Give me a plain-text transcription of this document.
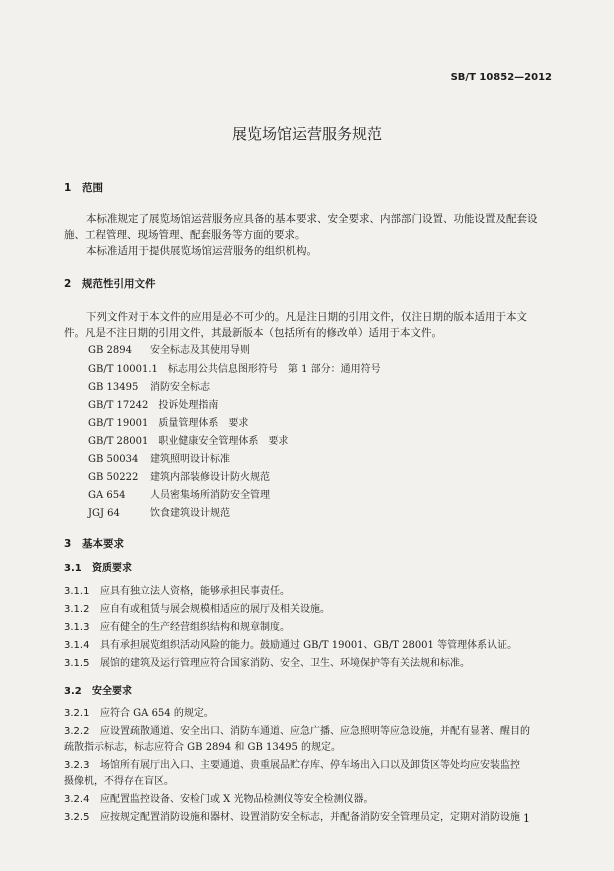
SB/T 10852—2012
展览场馆运营服务规范
1 范围
本标准规定了展览场馆运营服务应具备的基本要求、安全要求、内部部门设置、功能设置及配套设
施、工程管理、现场管理、配套服务等方面的要求。
本标准适用于提供展览场馆运营服务的组织机构。
2 规范性引用文件
下列文件对于本文件的应用是必不可少的。凡是注日期的引用文件，仅注日期的版本适用于本文
件。凡是不注日期的引用文件，其最新版本（包括所有的修改单）适用于本文件。
GB 2894　 安全标志及其使用导则
GB/T 10001.1　 标志用公共信息图形符号　第 1 部分：通用符号
GB 13495　 消防安全标志
GB/T 17242　 投诉处理指南
GB/T 19001　 质量管理体系　要求
GB/T 28001　 职业健康安全管理体系　要求
GB 50034　 建筑照明设计标准
GB 50222　 建筑内部装修设计防火规范
GA 654　 人员密集场所消防安全管理
JGJ 64　	饮食建筑设计规范
3 基本要求
3.1 资质要求
3.1.1 应具有独立法人资格，能够承担民事责任。
3.1.2 应自有或租赁与展会规模相适应的展厅及相关设施。
3.1.3 应有健全的生产经营组织结构和规章制度。
3.1.4 具有承担展览组织活动风险的能力。鼓励通过 GB/T 19001、GB/T 28001 等管理体系认证。
3.1.5 展馆的建筑及运行管理应符合国家消防、安全、卫生、环境保护等有关法规和标准。
3.2 安全要求
3.2.1 应符合 GA 654 的规定。
3.2.2 应设置疏散通道、安全出口、消防车通道、应急广播、应急照明等应急设施，并配有显著、醒目的
疏散指示标志，标志应符合 GB 2894 和 GB 13495 的规定。
3.2.3 场馆所有展厅出入口、主要通道、贵重展品贮存库、停车场出入口以及卸货区等处均应安装监控
摄像机，不得存在盲区。
3.2.4 应配置监控设备、安检门或 X 光物品检测仪等安全检测仪器。
3.2.5 应按规定配置消防设施和器材、设置消防安全标志，并配备消防安全管理员定，定期对消防设施 1
